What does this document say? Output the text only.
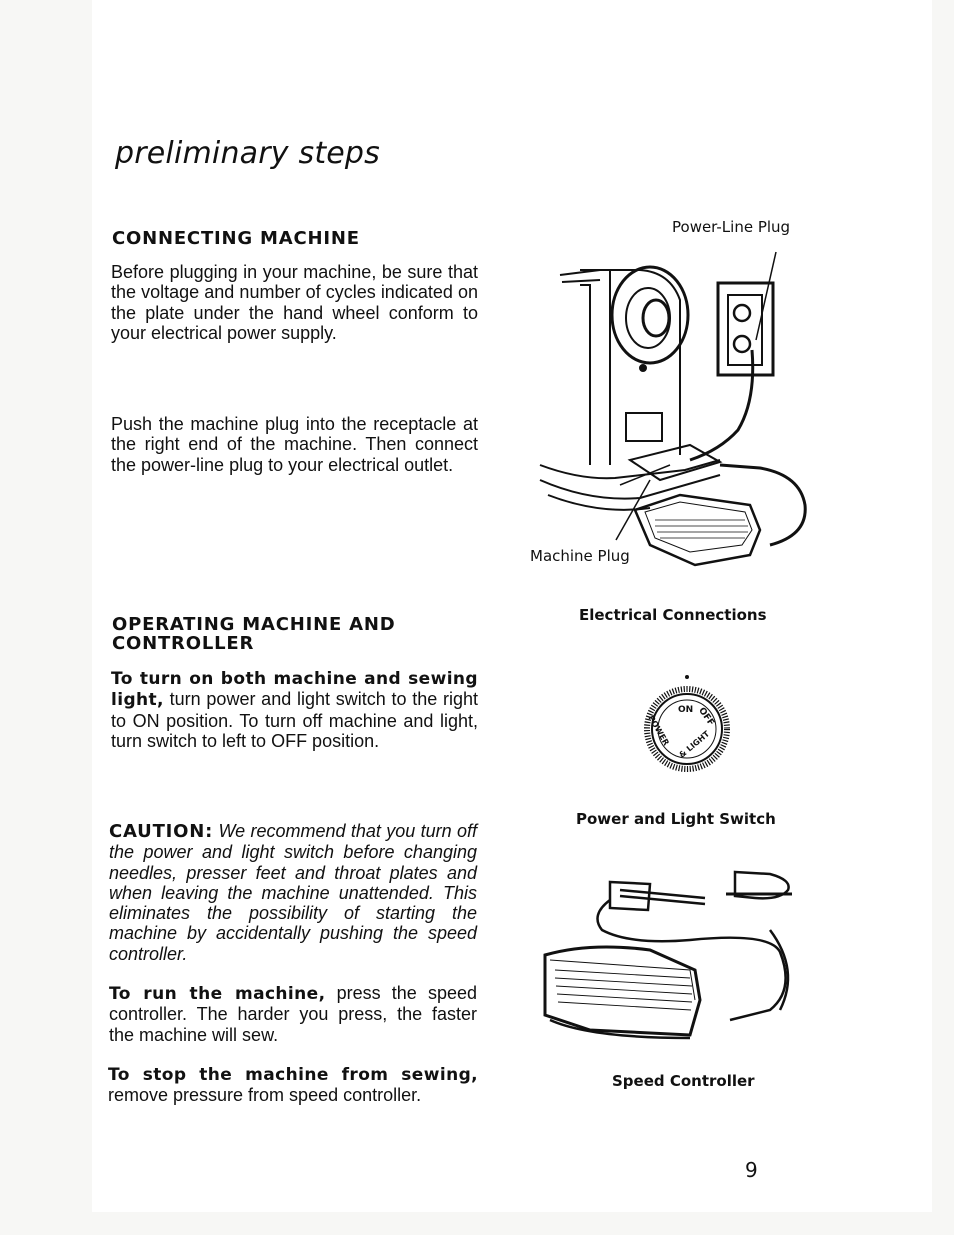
preliminary steps
CONNECTING MACHINE
Before plugging in your machine, be sure that the voltage and number of cycles indicated on the plate under the hand wheel conform to your electrical power supply.
Push the machine plug into the receptacle at the right end of the machine. Then connect the power-line plug to your electrical outlet.
OPERATING MACHINE AND CONTROLLER
To turn on both machine and sewing light, turn power and light switch to the right to ON position. To turn off machine and light, turn switch to left to OFF position.
CAUTION: We recommend that you turn off the power and light switch before changing needles, presser feet and throat plates and when leaving the machine unattended. This eliminates the possibility of starting the machine by accidentally pushing the speed controller.
To run the machine, press the speed controller. The harder you press, the faster the machine will sew.
To stop the machine from sewing, remove pressure from speed controller.
Power-Line Plug
Machine Plug
Electrical Connections
ON OFF
POWER & LIGHT
Power and Light Switch
Speed Controller
9
